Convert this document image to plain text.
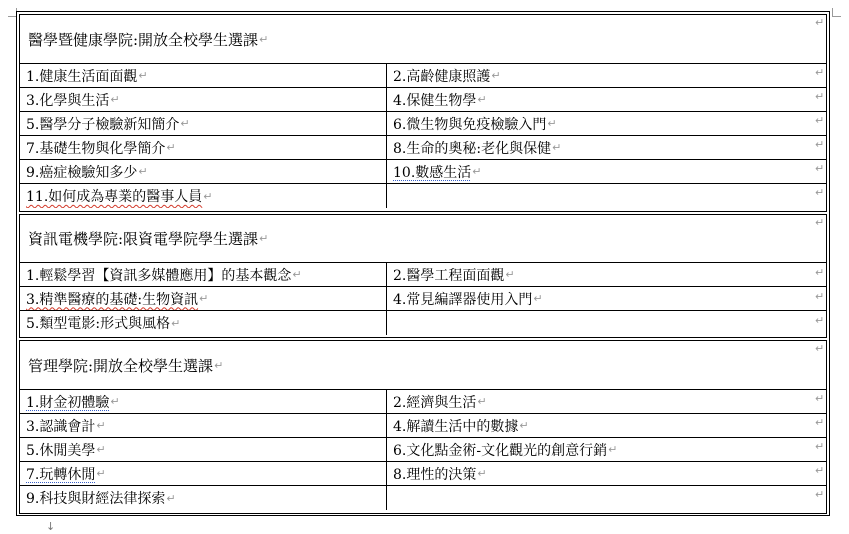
醫學暨健康學院:開放全校學生選課 ↵
1.健康生活面面觀 ↵	2.高齡健康照護 ↵
3.化學與生活 ↵	4.保健生物學 ↵
5.醫學分子檢驗新知簡介 ↵	6.微生物與免疫檢驗入門 ↵
7.基礎生物與化學簡介 ↵	8.生命的奧秘:老化與保健 ↵
9.癌症檢驗知多少 ↵	10.數感生活 ↵
11.如何成為專業的醫事人員 ↵
資訊電機學院:限資電學院學生選課 ↵
1.輕鬆學習【資訊多媒體應用】的基本觀念 ↵	2.醫學工程面面觀 ↵
3.精準醫療的基礎:生物資訊 ↵	4.常見編譯器使用入門 ↵
5.類型電影:形式與風格 ↵
管理學院:開放全校學生選課 ↵
1.財金初體驗 ↵	2.經濟與生活 ↵
3.認識會計 ↵	4.解讀生活中的數據 ↵
5.休閒美學 ↵	6.文化點金術-文化觀光的創意行銷 ↵
7.玩轉休閒 ↵	8.理性的決策 ↵
9.科技與財經法律探索 ↵
↵
↵
↵
↵
↵
↵
↵
↵
↵
↵
↵
↵
↵
↵
↵
↵
↵
↓
